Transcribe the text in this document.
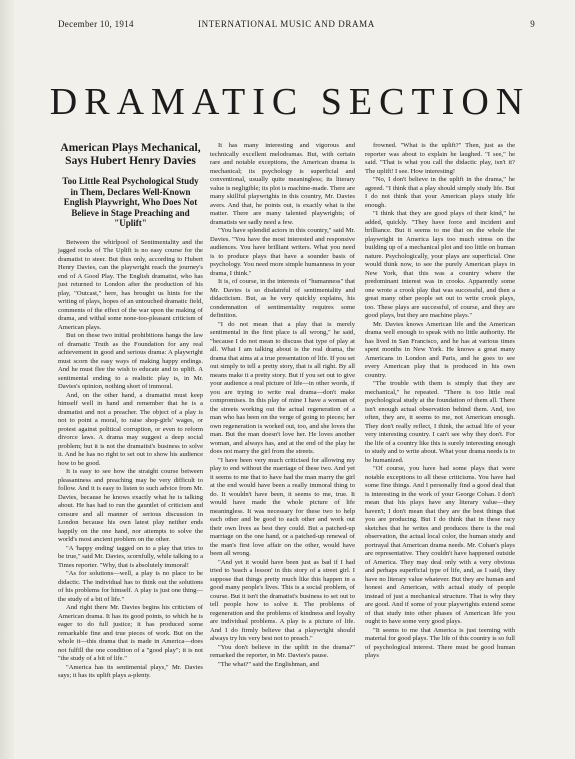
December 10, 1914	INTERNATIONAL MUSIC AND DRAMA	9
DRAMATIC SECTION
American Plays Mechanical, Says Hubert Henry Davies
Too Little Real Psychological Study in Them, Declares Well-Known English Playwright, Who Does Not Believe in Stage Preaching and "Uplift"

Between the whirlpool of Sentimentality and the jagged rocks of The Uplift is no easy course for the dramatist to steer. But thus only, according to Hubert Henry Davies, can the playwright reach the journey's end of A Good Play. The English dramatist, who has just returned to London after the production of his play, "Outcast," here, has brought us hints for the writing of plays, hopes of an untouched dramatic field, comments of the effect of the war upon the making of drama, and withal some none-too-pleasant criticism of American plays.

But on these two initial prohibitions hangs the law of dramatic Truth as the Foundation for any real achievement in good and serious drama: A playwright must scorn the easy ways of making happy endings. And he must flee the wish to educate and to uplift. A sentimental ending to a realistic play is, in Mr. Davies's opinion, nothing short of immoral.

And, on the other hand, a dramatist must keep himself well in hand and remember that he is a dramatist and not a preacher. The object of a play is not to point a moral, to raise shop-girls' wages, or protest against political corruption, or even to reform divorce laws. A drama may suggest a deep social problem; but it is not the dramatist's business to solve it. And he has no right to set out to show his audience how to be good.

It is easy to see how the straight course between pleasantness and preaching may be very difficult to follow. And it is easy to listen to such advice from Mr. Davies, because he knows exactly what he is talking about. He has had to run the gauntlet of criticism and censure and all manner of serious discussion in London because his own latest play neither ends happily on the one hand, nor attempts to solve the world's most ancient problem on the other.

"A 'happy ending' tagged on to a play that tries to be true," said Mr. Davies, scornfully, while talking to a Times reporter. "Why, that is absolutely immoral!

"As for solutions—well, a play is no place to be didactic. The individual has to think out the solutions of his problems for himself. A play is just one thing—the study of a bit of life."

And right there Mr. Davies begins his criticism of American drama. It has its good points, to which he is eager to do full justice; it has produced some remarkable fine and true pieces of work. But on the whole it—this drama that is made in America—does not fulfill the one condition of a "good play"; it is not "the study of a bit of life."

"America has its sentimental plays," Mr. Davies says; it has its uplift plays a-plenty.

It has many interesting and vigorous and technically excellent melodramas. But, with certain rare and notable exceptions, the American drama is mechanical; its psychology is superficial and conventional, usually quite meaningless; its literary value is negligible; its plot is machine-made. There are many skillful playwrights in this country, Mr. Davies avers. And that, he points out, is exactly what is the matter. There are many talented playwrights; of dramatists we sadly need a few.

"You have splendid actors in this country," said Mr. Davies. "You have the most interested and responsive audiences. You have brilliant writers. What you need is to produce plays that have a sounder basis of psychology. You need more simple humanness in your drama, I think."

It is, of course, in the interests of "humanness" that Mr. Davies is so disdainful of sentimentality and didacticism. But, as he very quickly explains, his condemnation of sentimentality requires some definition.

"I do not mean that a play that is merely sentimental in the first place is all wrong," he said, "because I do not mean to discuss that type of play at all. What I am talking about is the real drama, the drama that aims at a true presentation of life. If you set out simply to tell a pretty story, that is all right. By all means make it a pretty story. But if you set out to give your audience a real picture of life—in other words, if you are trying to write real drama—don't make compromises. In this play of mine I have a woman of the streets working out the actual regeneration of a man who has been on the verge of going to pieces; her own regeneration is worked out, too, and she loves the man. But the man doesn't love her. He loves another woman, and always has, and at the end of the play he does not marry the girl from the streets.

"I have been very much criticised for allowing my play to end without the marriage of these two. And yet it seems to me that to have had the man marry the girl at the end would have been a really immoral thing to do. It wouldn't have been, it seems to me, true. It would have made the whole picture of life meaningless. It was necessary for these two to help each other and be good to each other and work out their own lives as best they could. But a patched-up marriage on the one hand, or a patched-up renewal of the man's first love affair on the other, would have been all wrong.

"And yet it would have been just as bad if I had tried to 'teach a lesson' in this story of a street girl. I suppose that things pretty much like this happen in a good many people's lives. This is a social problem, of course. But it isn't the dramatist's business to set out to tell people how to solve it. The problems of regeneration and the problems of kindness and loyalty are individual problems. A play is a picture of life. And I do firmly believe that a playwright should always try his very best not to preach."

"You don't believe in the uplift in the drama?" remarked the reporter, in Mr. Davies's pause.

"The what?" said the Englishman, and

frowned. "What is the uplift?" Then, just as the reporter was about to explain he laughed. "I see," he said. "That is what you call the didactic play, isn't it? The uplift! I see. How interesting!

"No, I don't believe in the uplift in the drama," he agreed. "I think that a play should simply study life. But I do not think that your American plays study life enough.

"I think that they are good plays of their kind," he added, quickly. "They have force and incident and brilliance. But it seems to me that on the whole the playwright in America lays too much stress on the building up of a mechanical plot and too little on human nature. Psychologically, your plays are superficial. One would think now, to see the purely American plays in New York, that this was a country where the predominant interest was in crooks. Apparently some one wrote a crook play that was successful, and then a great many other people set out to write crook plays, too. These plays are successful, of course, and they are good plays, but they are machine plays."

Mr. Davies knows American life and the American drama well enough to speak with no little authority. He has lived in San Francisco, and he has at various times spent months in New York. He knows a great many Americans in London and Paris, and he goes to see every American play that is produced in his own country.

"The trouble with them is simply that they are mechanical," he repeated. "There is too little real psychological study at the foundation of them all. There isn't enough actual observation behind them. And, too often, they are, it seems to me, not American enough. They don't really reflect, I think, the actual life of your very interesting country. I can't see why they don't. For the life of a country like this is surely interesting enough to study and to write about. What your drama needs is to be humanized.

"Of course, you have had some plays that were notable exceptions to all these criticisms. You have had some fine things. And I personally find a good deal that is interesting in the work of your George Cohan. I don't mean that his plays have any literary value—they haven't; I don't mean that they are the best things that you are producing. But I do think that in these racy sketches that he writes and produces there is the real observation, the actual local color, the human study and portrayal that American drama needs. Mr. Cohan's plays are representative. They couldn't have happened outside of America. They may deal only with a very obvious and perhaps superficial type of life, and, as I said, they have no literary value whatever. But they are human and honest and American, with actual study of people instead of just a mechanical structure. That is why they are good. And if some of your playwrights extend some of that study into other phases of American life you ought to have some very good plays.

"It seems to me that America is just teeming with material for good plays. The life of this country is so full of psychological interest. There must be good human plays
